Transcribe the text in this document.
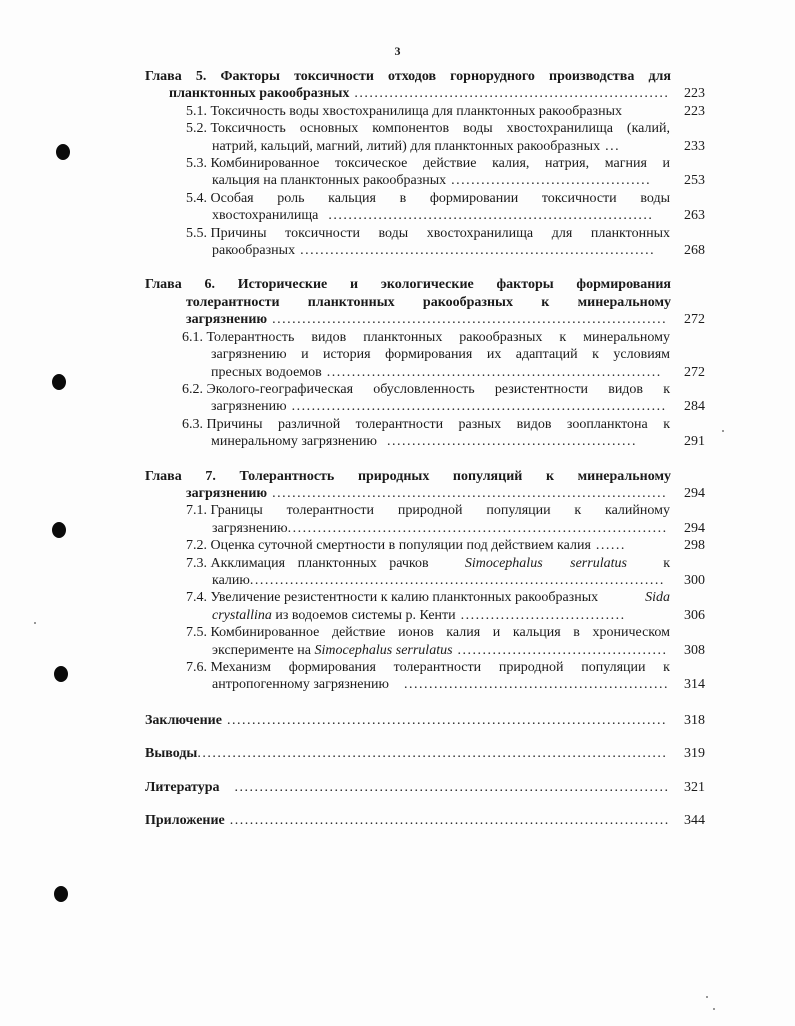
3
Глава 5. Факторы токсичности отходов горнорудного производства для
планктонных ракообразных ...............................................................	223
5.1. Токсичность воды хвостохранилища для планктонных ракообразных	223
5.2.
Токсичность основных компонентов воды хвостохранилища (калий,
натрий, кальций, магний, литий) для планктонных ракообразных ...	233
5.3.
Комбинированное токсическое действие калия, натрия, магния и
кальция на планктонных ракообразных ........................................	253
5.4.
Особая роль кальция в формировании токсичности воды
хвостохранилища .................................................................	263
5.5.
Причины токсичности воды хвостохранилища для планктонных
ракообразных .......................................................................	268
Глава 6. Исторические и экологические факторы формирования
толерантности планктонных ракообразных к минеральному
загрязнению ...............................................................................	272
6.1.
Толерантность видов планктонных ракообразных к минеральному
загрязнению и история формирования их адаптаций к условиям
пресных водоемов ...................................................................	272
6.2.
Эколого-географическая обусловленность резистентности видов к
загрязнению ...........................................................................	284
6.3.
Причины различной толерантности разных видов зоопланктона к
минеральному загрязнению ..................................................	291
Глава 7. Толерантность природных популяций к минеральному
загрязнению ...............................................................................	294
7.1.
Границы толерантности природной популяции к калийному
загрязнению ............................................................................	294
7.2. Оценка суточной смертности в популяции под действием калия ......	298
7.3. Акклимация планктонных рачков	Simocephalus serrulatus	к
калию ...................................................................................	300
7.4. Увеличение резистентности к калию планктонных ракообразных	Sida
crystallina из водоемов системы р. Кенти .................................	306
7.5.
Комбинированное действие ионов калия и кальция в хроническом
эксперименте на Simocephalus serrulatus ..........................................	308
7.6.
Механизм формирования толерантности природной популяции к
антропогенному загрязнению .....................................................	314
Заключение ........................................................................................	318
Выводы ..............................................................................................	319
Литература .......................................................................................	321
Приложение ........................................................................................	344
